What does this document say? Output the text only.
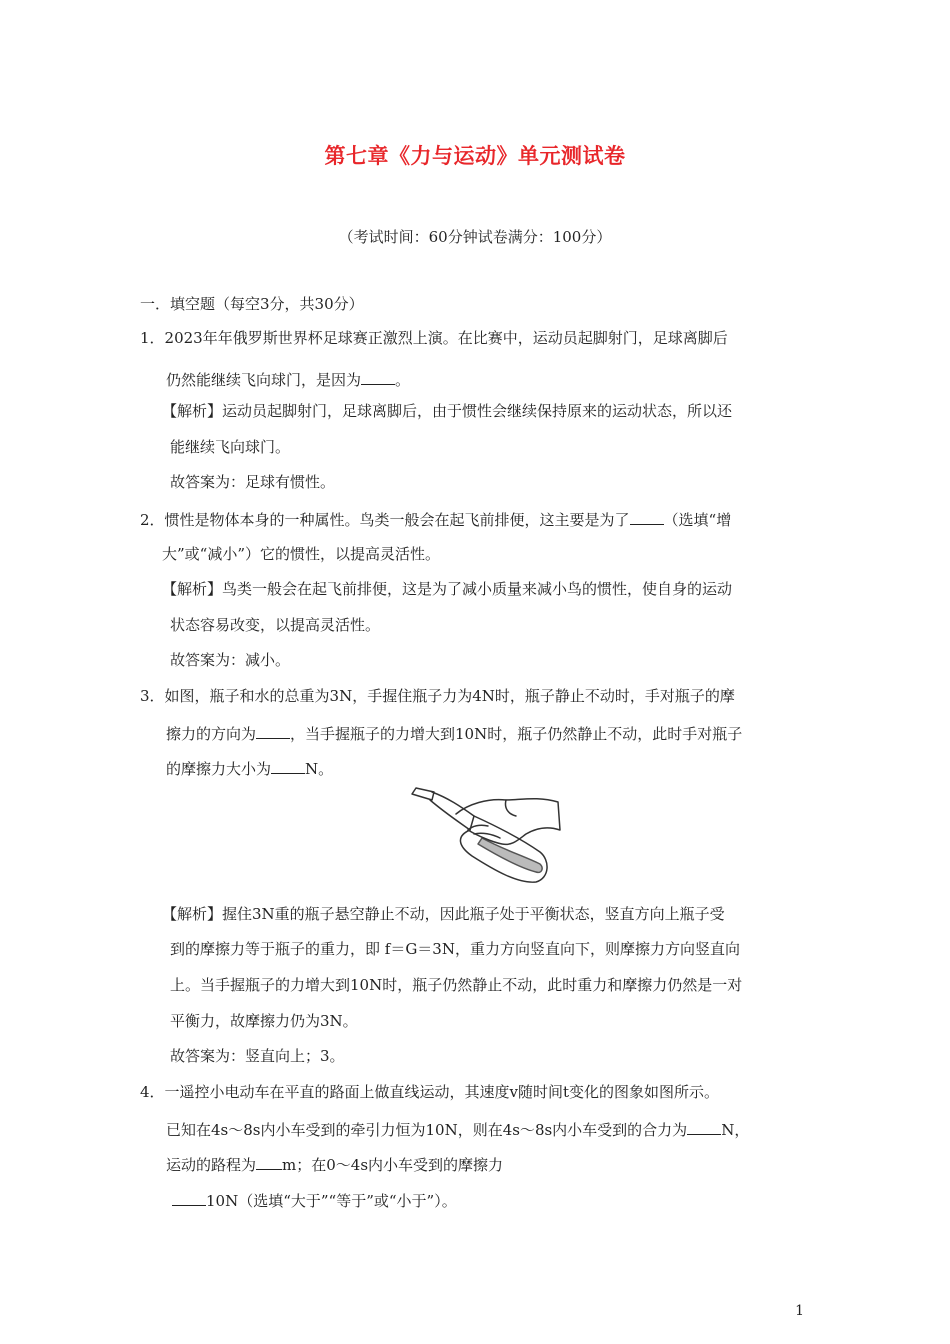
第七章《力与运动》单元测试卷
（考试时间：60分钟试卷满分：100分）
一．填空题（每空3分，共30分）
1．2023年年俄罗斯世界杯足球赛正激烈上演。在比赛中，运动员起脚射门，足球离脚后
仍然能继续飞向球门，是因为 。
【解析】运动员起脚射门，足球离脚后，由于惯性会继续保持原来的运动状态，所以还
能继续飞向球门。
故答案为：足球有惯性。
2．惯性是物体本身的一种属性。鸟类一般会在起飞前排便，这主要是为了 （选填“增
大”或“减小”）它的惯性，以提高灵活性。
【解析】鸟类一般会在起飞前排便，这是为了减小质量来减小鸟的惯性，使自身的运动
状态容易改变，以提高灵活性。
故答案为：减小。
3．如图，瓶子和水的总重为3N，手握住瓶子力为4N时，瓶子静止不动时，手对瓶子的摩
擦力的方向为 ，当手握瓶子的力增大到10N时，瓶子仍然静止不动，此时手对瓶子
的摩擦力大小为 N。
【解析】握住3N重的瓶子悬空静止不动，因此瓶子处于平衡状态，竖直方向上瓶子受
到的摩擦力等于瓶子的重力，即 f＝G＝3N，重力方向竖直向下，则摩擦力方向竖直向
上。当手握瓶子的力增大到10N时，瓶子仍然静止不动，此时重力和摩擦力仍然是一对
平衡力，故摩擦力仍为3N。
故答案为：竖直向上；3。
4．一遥控小电动车在平直的路面上做直线运动，其速度v随时间t变化的图象如图所示。
已知在4s～8s内小车受到的牵引力恒为10N，则在4s～8s内小车受到的合力为 N，
运动的路程为 m；在0～4s内小车受到的摩擦力
10N（选填“大于”“等于”或“小于”）。
1
